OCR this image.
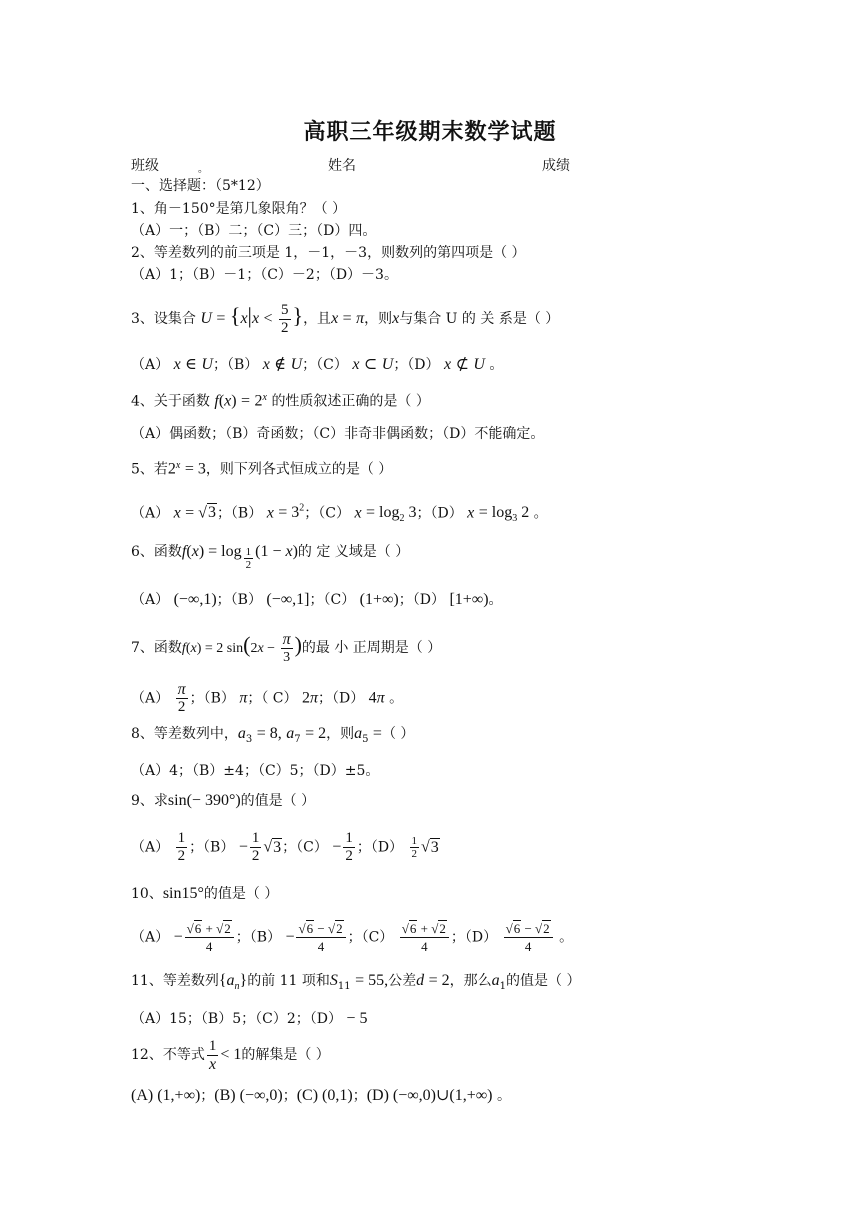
高职三年级期末数学试题
班级	。	姓名	成绩
一、选择题：（5*12）
1、角－150°是第几象限角？（ ）
（A）一；（B）二；（C）三；（D）四。
2、等差数列的前三项是 1，－1，－3，则数列的第四项是（ ）
（A）1；（B）－1；（C）－2；（D）－3。
3、设集合 $U = \{x|x < \frac{5}{2}$ }，且x = π，则x与集合 U 的 关 系是（ ）
（A） x ∈ U；（B） x ∉ U；（C） x ⊂ U；（D） x ⊄ U 。
4、关于函数 $f(x) = 2^x$ 的性质叙述正确的是（ ）
（A）偶函数；（B）奇函数；（C）非奇非偶函数；（D）不能确定。
5、若$2^x = 3$，则下列各式恒成立的是（ ）
（A） x = √3；（B） $x = 3^2$；（C） $x = \log_2 3$；（D） $x = \log_3 2$ 。
6、函数$f(x) = \log \frac{1}{2} (1 - x)$的 定 义域是（ ）
（A） (−∞,1)；（B） (−∞,1]；（C） (1+∞)；（D） [1+∞)。
7、函数f(x) = 2 $\sin(2x - \frac{\pi}{3}$ )的最 小 正周期是（ ）
$(A) \frac{\pi}{2}$ ；（B） π；（ C） 2π；（D） 4π 。
8、等差数列中，$a_3 = 8$, $a_7 = 2$，则$a_5$ =（ ）
（A）4；（B）±4；（C）5；（D）±5。
9、求sin(− 390°)的值是（ ）
$(A) \frac{1}{2}$ ；$(B) - \frac{1}{2} √3$；$(C) - \frac{1}{2}$ ；$(D) \frac{1}{2} √3$
10、sin15°的值是（ ）
$(A) - \frac{√6 + √2}{4}$ ；$(B) - \frac{√6 - √2}{4}$ ；$(C) \frac{√6 + √2}{4}$ ；$(D) \frac{√6 - √2}{4}$ 。
11、等差数列$\{a_n\}$的前 11 项和$S_{11} = 55$,公差d = 2，那么$a_1$的值是（ ）
（A）15；（B）5；（C）2；（D） − 5
12、不等式 $\frac{1}{x} < 1$的解集是（ ）
(A) (1,+∞)；(B) (−∞,0)；(C) (0,1)；(D) (−∞,0)∪(1,+∞) 。
